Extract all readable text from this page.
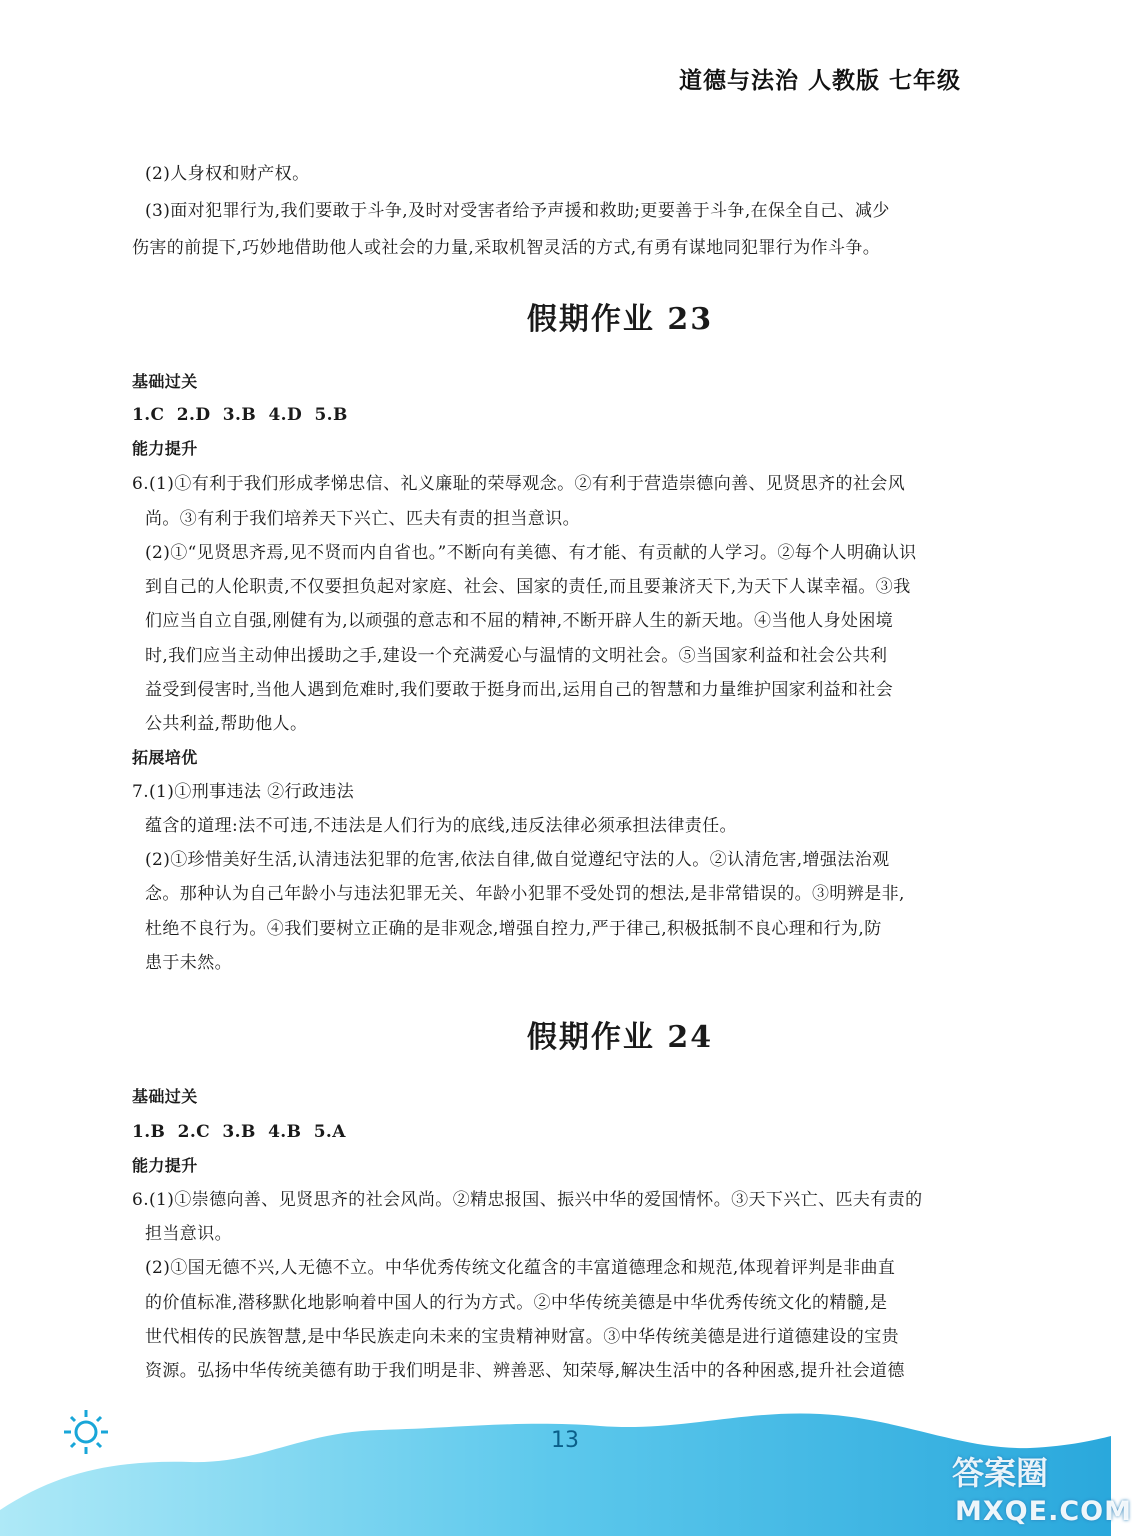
道德与法治 人教版 七年级
(2)人身权和财产权。
(3)面对犯罪行为,我们要敢于斗争,及时对受害者给予声援和救助;更要善于斗争,在保全自己、减少
伤害的前提下,巧妙地借助他人或社会的力量,采取机智灵活的方式,有勇有谋地同犯罪行为作斗争。
假期作业 23
基础过关
1.C 2.D 3.B 4.D 5.B
能力提升
6.(1)①有利于我们形成孝悌忠信、礼义廉耻的荣辱观念。②有利于营造崇德向善、见贤思齐的社会风
尚。③有利于我们培养天下兴亡、匹夫有责的担当意识。
(2)①“见贤思齐焉,见不贤而内自省也。”不断向有美德、有才能、有贡献的人学习。②每个人明确认识
到自己的人伦职责,不仅要担负起对家庭、社会、国家的责任,而且要兼济天下,为天下人谋幸福。③我
们应当自立自强,刚健有为,以顽强的意志和不屈的精神,不断开辟人生的新天地。④当他人身处困境
时,我们应当主动伸出援助之手,建设一个充满爱心与温情的文明社会。⑤当国家利益和社会公共利
益受到侵害时,当他人遇到危难时,我们要敢于挺身而出,运用自己的智慧和力量维护国家利益和社会
公共利益,帮助他人。
拓展培优
7.(1)①刑事违法 ②行政违法
蕴含的道理:法不可违,不违法是人们行为的底线,违反法律必须承担法律责任。
(2)①珍惜美好生活,认清违法犯罪的危害,依法自律,做自觉遵纪守法的人。②认清危害,增强法治观
念。那种认为自己年龄小与违法犯罪无关、年龄小犯罪不受处罚的想法,是非常错误的。③明辨是非,
杜绝不良行为。④我们要树立正确的是非观念,增强自控力,严于律己,积极抵制不良心理和行为,防
患于未然。
假期作业 24
基础过关
1.B 2.C 3.B 4.B 5.A
能力提升
6.(1)①崇德向善、见贤思齐的社会风尚。②精忠报国、振兴中华的爱国情怀。③天下兴亡、匹夫有责的
担当意识。
(2)①国无德不兴,人无德不立。中华优秀传统文化蕴含的丰富道德理念和规范,体现着评判是非曲直
的价值标准,潜移默化地影响着中国人的行为方式。②中华传统美德是中华优秀传统文化的精髓,是
世代相传的民族智慧,是中华民族走向未来的宝贵精神财富。③中华传统美德是进行道德建设的宝贵
资源。弘扬中华传统美德有助于我们明是非、辨善恶、知荣辱,解决生活中的各种困惑,提升社会道德
13
答案圈
MXQE.COM
